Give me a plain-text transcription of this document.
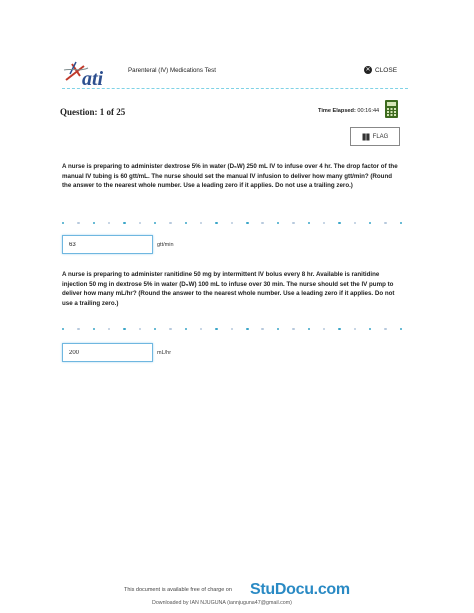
ati	Parenteral (IV) Medications Test	✕ CLOSE
Question: 1 of 25	Time Elapsed: 00:16:44
FLAG
A nurse is preparing to administer dextrose 5% in water (D₅W) 250 mL IV to infuse over 4 hr. The drop factor of the manual IV tubing is 60 gtt/mL. The nurse should set the manual IV infusion to deliver how many gtt/min? (Round the answer to the nearest whole number. Use a leading zero if it applies. Do not use a trailing zero.)
63
gtt/min
A nurse is preparing to administer ranitidine 50 mg by intermittent IV bolus every 8 hr. Available is ranitidine injection 50 mg in dextrose 5% in water (D₅W) 100 mL to infuse over 30 min. The nurse should set the IV pump to deliver how many mL/hr? (Round the answer to the nearest whole number. Use a leading zero if it applies. Do not use a trailing zero.)
200
mL/hr
This document is available free of charge on StuDocu.com
Downloaded by IAN NJUGUNA (iannjuguna47@gmail.com)
